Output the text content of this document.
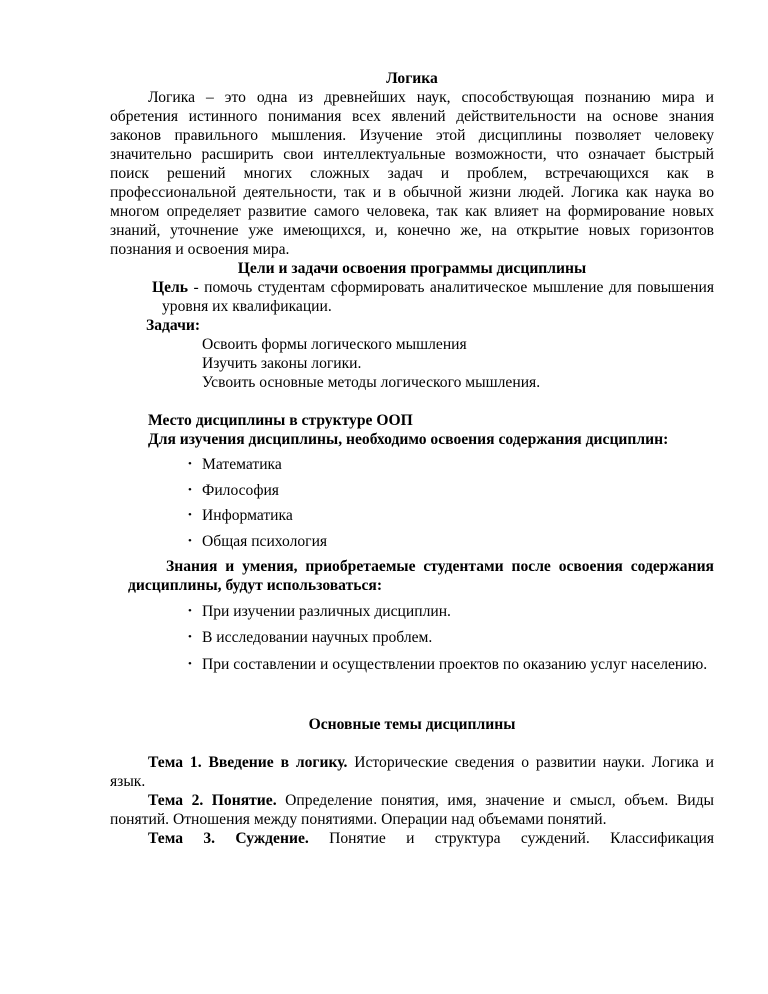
Логика

Логика – это одна из древнейших наук, способствующая познанию мира и обретения истинного понимания всех явлений действительности на основе знания законов правильного мышления. Изучение этой дисциплины позволяет человеку значительно расширить свои интеллектуальные возможности, что означает быстрый поиск решений многих сложных задач и проблем, встречающихся как в профессиональной деятельности, так и в обычной жизни людей. Логика как наука во многом определяет развитие самого человека, так как влияет на формирование новых знаний, уточнение уже имеющихся, и, конечно же, на открытие новых горизонтов познания и освоения мира.

Цели и задачи освоения программы дисциплины

Цель - помочь студентам сформировать аналитическое мышление для повышения уровня их квалификации.

Задачи:

Освоить формы логического мышления

Изучить законы логики.

Усвоить основные методы логического мышления.

Место дисциплины в структуре ООП

Для изучения дисциплины, необходимо освоения содержания дисциплин:

• Математика
• Философия
• Информатика
• Общая психология

Знания и умения, приобретаемые студентами после освоения содержания дисциплины, будут использоваться:

• При изучении различных дисциплин.
• В исследовании научных проблем.
• При составлении и осуществлении проектов по оказанию услуг населению.

Основные темы дисциплины

Тема 1. Введение в логику. Исторические сведения о развитии науки. Логика и язык.

Тема 2. Понятие. Определение понятия, имя, значение и смысл, объем. Виды понятий. Отношения между понятиями. Операции над объемами понятий.

Тема 3. Суждение. Понятие и структура суждений. Классификация
